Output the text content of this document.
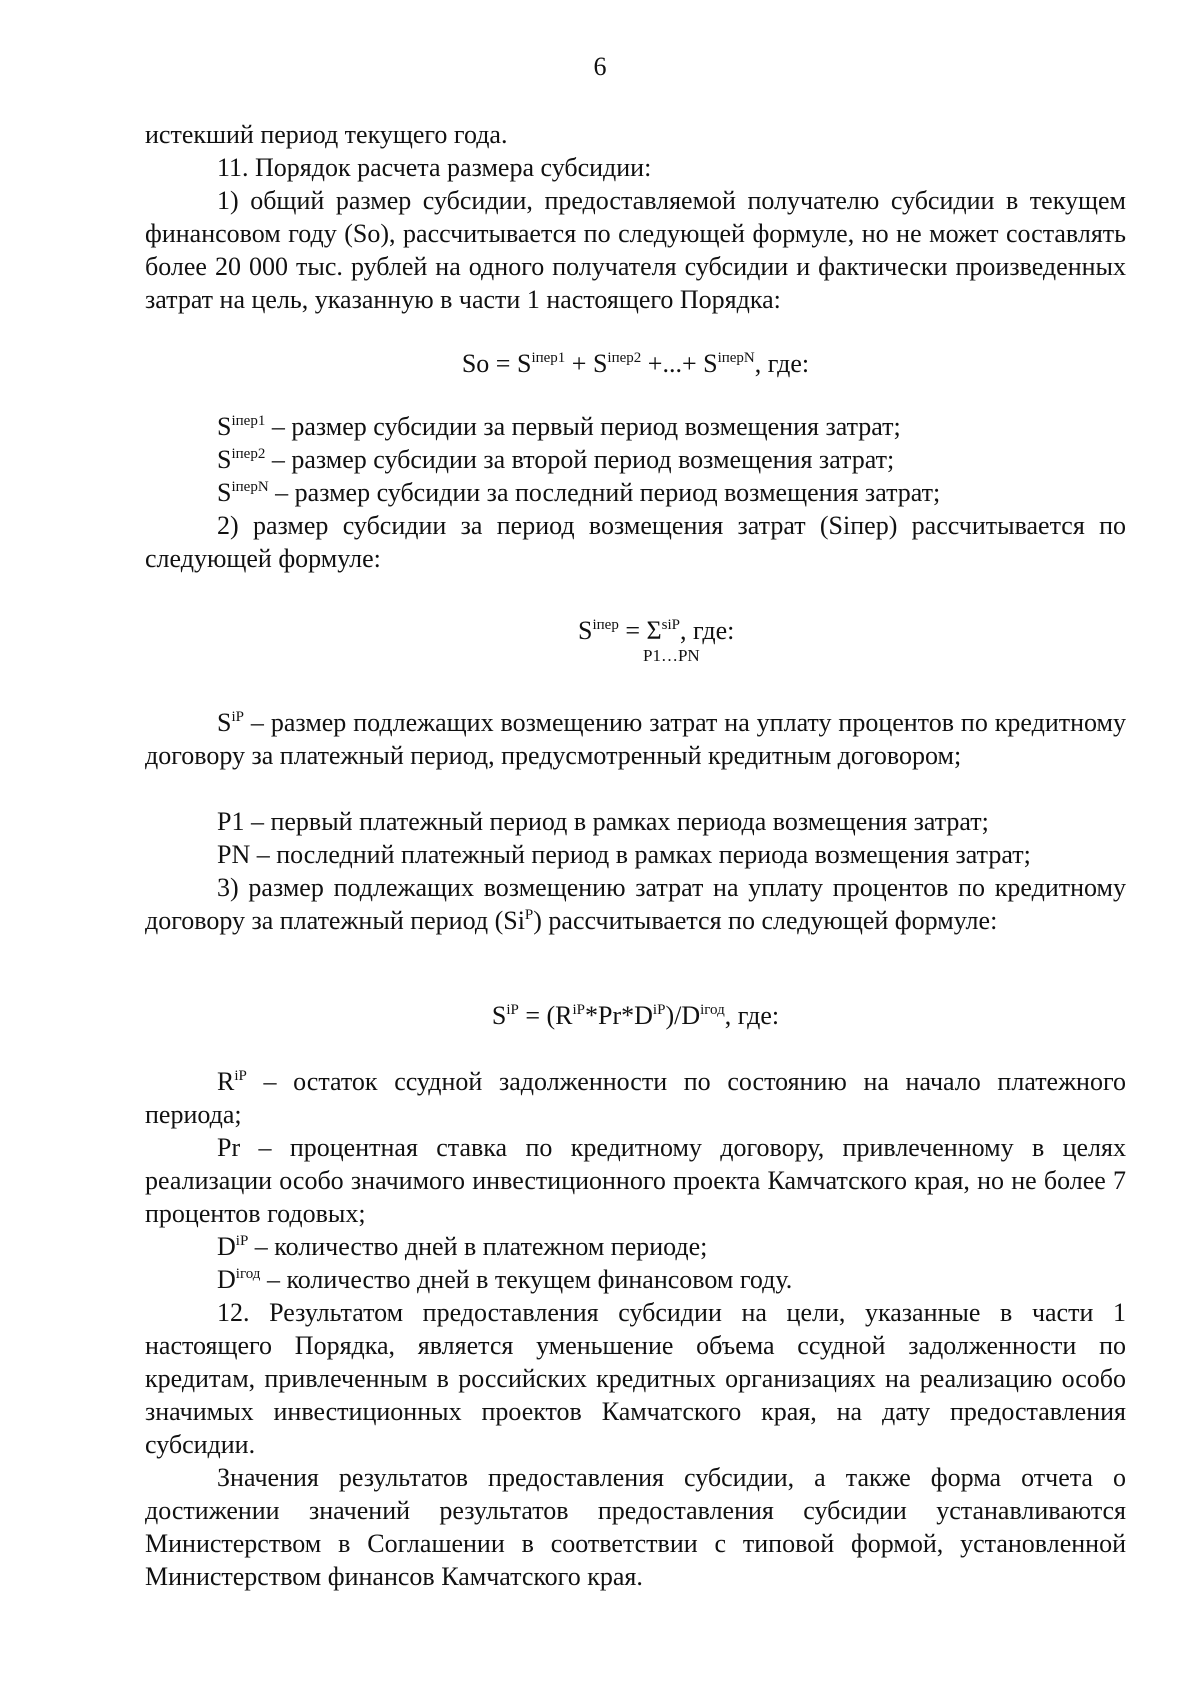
6
истекший период текущего года.
11. Порядок расчета размера субсидии:
1) общий размер субсидии, предоставляемой получателю субсидии в текущем финансовом году (So), рассчитывается по следующей формуле, но не может составлять более 20 000 тыс. рублей на одного получателя субсидии и фактически произведенных затрат на цель, указанную в части 1 настоящего Порядка:
$So = S^{iпер1} + S^{iпер2}$ +...+ $S^{iперN}$, где:
$S^{iпер1}$ – размер субсидии за первый период возмещения затрат;
$S^{iпер2}$ – размер субсидии за второй период возмещения затрат;
$S^{iперN}$ – размер субсидии за последний период возмещения затрат;
2) размер субсидии за период возмещения затрат (Siпер) рассчитывается по следующей формуле:
$S^{iпер} = \Sigma^{siP}$, где:
P1…PN
$S^{iP}$ – размер подлежащих возмещению затрат на уплату процентов по кредитному договору за платежный период, предусмотренный кредитным договором;
P1 – первый платежный период в рамках периода возмещения затрат;
PN – последний платежный период в рамках периода возмещения затрат;
3) размер подлежащих возмещению затрат на уплату процентов по кредитному договору за платежный период $(Si^P)$ рассчитывается по следующей формуле:
$S^{iP} = (R^{iP}*Pr*D^{iP})/D^{iгод}$, где:
$R^{iP}$ – остаток ссудной задолженности по состоянию на начало платежного периода;
Pr – процентная ставка по кредитному договору, привлеченному в целях реализации особо значимого инвестиционного проекта Камчатского края, но не более 7 процентов годовых;
$D^{iP}$ – количество дней в платежном периоде;
$D^{iгод}$ – количество дней в текущем финансовом году.
12. Результатом предоставления субсидии на цели, указанные в части 1 настоящего Порядка, является уменьшение объема ссудной задолженности по кредитам, привлеченным в российских кредитных организациях на реализацию особо значимых инвестиционных проектов Камчатского края, на дату предоставления субсидии.
Значения результатов предоставления субсидии, а также форма отчета о достижении значений результатов предоставления субсидии устанавливаются Министерством в Соглашении в соответствии с типовой формой, установленной Министерством финансов Камчатского края.
